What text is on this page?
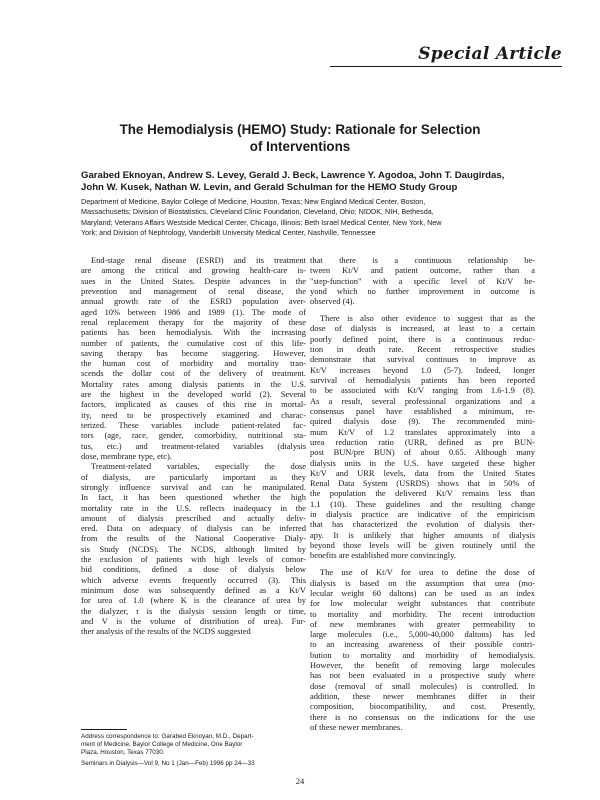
Special Article
The Hemodialysis (HEMO) Study: Rationale for Selection
of Interventions
Garabed Eknoyan, Andrew S. Levey, Gerald J. Beck, Lawrence Y. Agodoa, John T. Daugirdas,
John W. Kusek, Nathan W. Levin, and Gerald Schulman for the HEMO Study Group
Department of Medicine, Baylor College of Medicine, Houston, Texas; New England Medical Center, Boston,
Massachusetts; Division of Biostatistics, Cleveland Clinic Foundation, Cleveland, Ohio; NIDDK, NIH, Bethesda,
Maryland; Veterans Affairs Westside Medical Center, Chicago, Illinois; Beth Israel Medical Center, New York, New
York; and Division of Nephrology, Vanderbilt University Medical Center, Nashville, Tennessee
End-stage renal disease (ESRD) and its treatment
are among the critical and growing health-care is-
sues in the United States. Despite advances in the
prevention and management of renal disease, the
annual growth rate of the ESRD population aver-
aged 10% between 1986 and 1989 (1). The mode of
renal replacement therapy for the majority of these
patients has been hemodialysis. With the increasing
number of patients, the cumulative cost of this life-
saving therapy has become staggering. However,
the human cost of morbidity and mortality tran-
scends the dollar cost of the delivery of treatment.
Mortality rates among dialysis patients in the U.S.
are the highest in the developed world (2). Several
factors, implicated as causes of this rise in mortal-
ity, need to be prospectively examined and charac-
terized. These variables include patient-related fac-
tors (age, race, gender, comorbidity, nutritional sta-
tus, etc.) and treatment-related variables (dialysis
dose, membrane type, etc).
Treatment-related variables, especially the dose
of dialysis, are particularly important as they
strongly influence survival and can be manipulated.
In fact, it has been questioned whether the high
mortality rate in the U.S. reflects inadequacy in the
amount of dialysis prescribed and actually deliv-
ered. Data on adequacy of dialysis can be inferred
from the results of the National Cooperative Dialy-
sis Study (NCDS). The NCDS, although limited by
the exclusion of patients with high levels of comor-
bid conditions, defined a dose of dialysis below
which adverse events frequently occurred (3). This
minimum dose was subsequently defined as a Kt/V
for urea of 1.0 (where K is the clearance of urea by
the dialyzer, t is the dialysis session length or time,
and V is the volume of distribution of urea). Fur-
ther analysis of the results of the NCDS suggested
that there is a continuous relationship be-
tween Kt/V and patient outcome, rather than a
"step-function" with a specific level of Kt/V be-
yond which no further improvement in outcome is
observed (4).
There is also other evidence to suggest that as the
dose of dialysis is increased, at least to a certain
poorly defined point, there is a continuous reduc-
tion in death rate. Recent retrospective studies
demonstrate that survival continues to improve as
Kt/V increases beyond 1.0 (5-7). Indeed, longer
survival of hemodialysis patients has been reported
to be associated with Kt/V ranging from 1.6-1.9 (8).
As a result, several professional organizations and a
consensus panel have established a minimum, re-
quired dialysis dose (9). The recommended mini-
mum Kt/V of 1.2 translates approximately into a
urea reduction ratio (URR, defined as pre BUN-
post BUN/pre BUN) of about 0.65. Although many
dialysis units in the U.S. have targeted these higher
Kt/V and URR levels, data from the United States
Renal Data System (USRDS) shows that in 50% of
the population the delivered Kt/V remains less than
1.1 (10). These guidelines and the resulting change
in dialysis practice are indicative of the empiricism
that has characterized the evolution of dialysis ther-
apy. It is unlikely that higher amounts of dialysis
beyond those levels will be given routinely until the
benefits are established more convincingly.
The use of Kt/V for urea to define the dose of
dialysis is based on the assumption that urea (mo-
lecular weight 60 daltons) can be used as an index
for low molecular weight substances that contribute
to mortality and morbidity. The recent introduction
of new membranes with greater permeability to
large molecules (i.e., 5,000-40,000 daltons) has led
to an increasing awareness of their possible contri-
bution to mortality and morbidity of hemodialysis.
However, the benefit of removing large molecules
has not been evaluated in a prospective study where
dose (removal of small molecules) is controlled. In
addition, these newer membranes differ in their
composition, biocompatibility, and cost. Presently,
there is no consensus on the indications for the use
of these newer membranes.
Address correspondence to: Garabed Eknoyan, M.D., Depart-
ment of Medicine, Baylor College of Medicine, One Baylor
Plaza, Houston, Texas 77030.
Seminars in Dialysis—Vol 9, No 1 (Jan—Feb) 1996 pp 24—33
24
